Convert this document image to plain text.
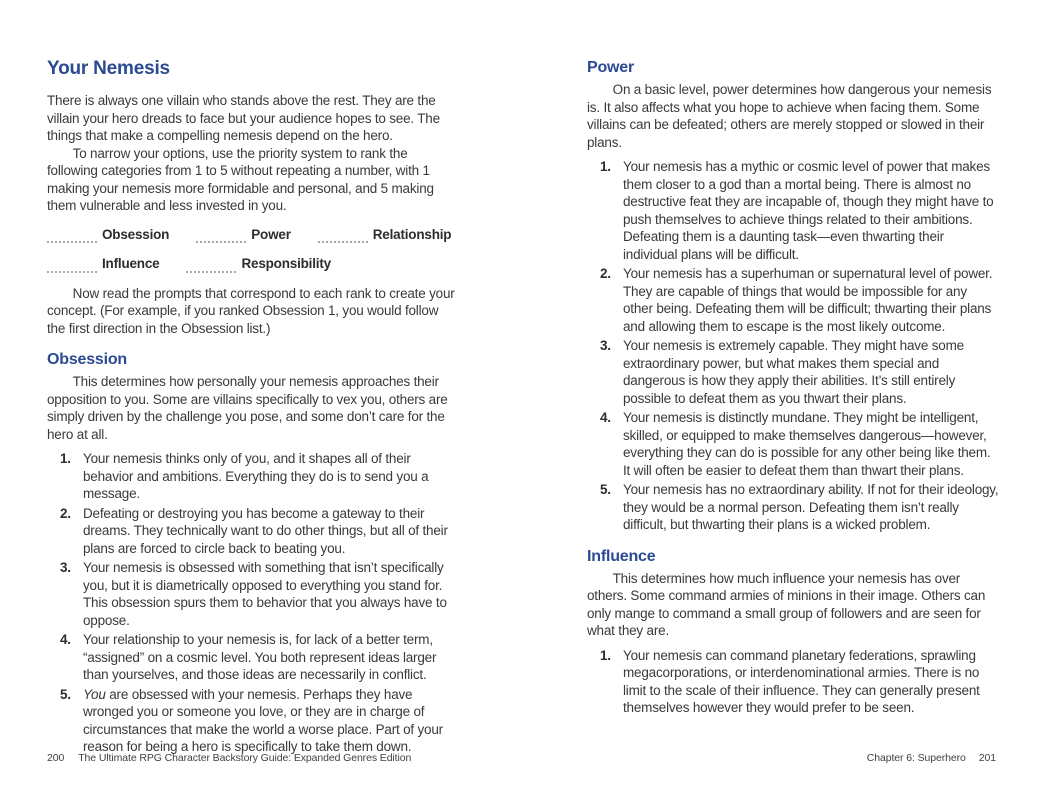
Your Nemesis

There is always one villain who stands above the rest. They are the villain your hero dreads to face but your audience hopes to see. The things that make a compelling nemesis depend on the hero.

To narrow your options, use the priority system to rank the following categories from 1 to 5 without repeating a number, with 1 making your nemesis more formidable and personal, and 5 making them vulnerable and less invested in you.

Obsession	Power	Relationship
Influence	Responsibility

Now read the prompts that correspond to each rank to create your concept. (For example, if you ranked Obsession 1, you would follow the first direction in the Obsession list.)

Obsession

This determines how personally your nemesis approaches their opposition to you. Some are villains specifically to vex you, others are simply driven by the challenge you pose, and some don’t care for the hero at all.

1. Your nemesis thinks only of you, and it shapes all of their behavior and ambitions. Everything they do is to send you a message.
2. Defeating or destroying you has become a gateway to their dreams. They technically want to do other things, but all of their plans are forced to circle back to beating you.
3. Your nemesis is obsessed with something that isn’t specifically you, but it is diametrically opposed to everything you stand for. This obsession spurs them to behavior that you always have to oppose.
4. Your relationship to your nemesis is, for lack of a better term, “assigned” on a cosmic level. You both represent ideas larger than yourselves, and those ideas are necessarily in conflict.
5. You are obsessed with your nemesis. Perhaps they have wronged you or someone you love, or they are in charge of circumstances that make the world a worse place. Part of your reason for being a hero is specifically to take them down.
Power

On a basic level, power determines how dangerous your nemesis is. It also affects what you hope to achieve when facing them. Some villains can be defeated; others are merely stopped or slowed in their plans.

1. Your nemesis has a mythic or cosmic level of power that makes them closer to a god than a mortal being. There is almost no destructive feat they are incapable of, though they might have to push themselves to achieve things related to their ambitions. Defeating them is a daunting task—even thwarting their individual plans will be difficult.
2. Your nemesis has a superhuman or supernatural level of power. They are capable of things that would be impossible for any other being. Defeating them will be difficult; thwarting their plans and allowing them to escape is the most likely outcome.
3. Your nemesis is extremely capable. They might have some extraordinary power, but what makes them special and dangerous is how they apply their abilities. It’s still entirely possible to defeat them as you thwart their plans.
4. Your nemesis is distinctly mundane. They might be intelligent, skilled, or equipped to make themselves dangerous—however, everything they can do is possible for any other being like them. It will often be easier to defeat them than thwart their plans.
5. Your nemesis has no extraordinary ability. If not for their ideology, they would be a normal person. Defeating them isn’t really difficult, but thwarting their plans is a wicked problem.
Influence

This determines how much influence your nemesis has over others. Some command armies of minions in their image. Others can only mange to command a small group of followers and are seen for what they are.

1. Your nemesis can command planetary federations, sprawling megacorporations, or interdenominational armies. There is no limit to the scale of their influence. They can generally present themselves however they would prefer to be seen.
200 The Ultimate RPG Character Backstory Guide: Expanded Genres Edition	Chapter 6: Superhero 201
